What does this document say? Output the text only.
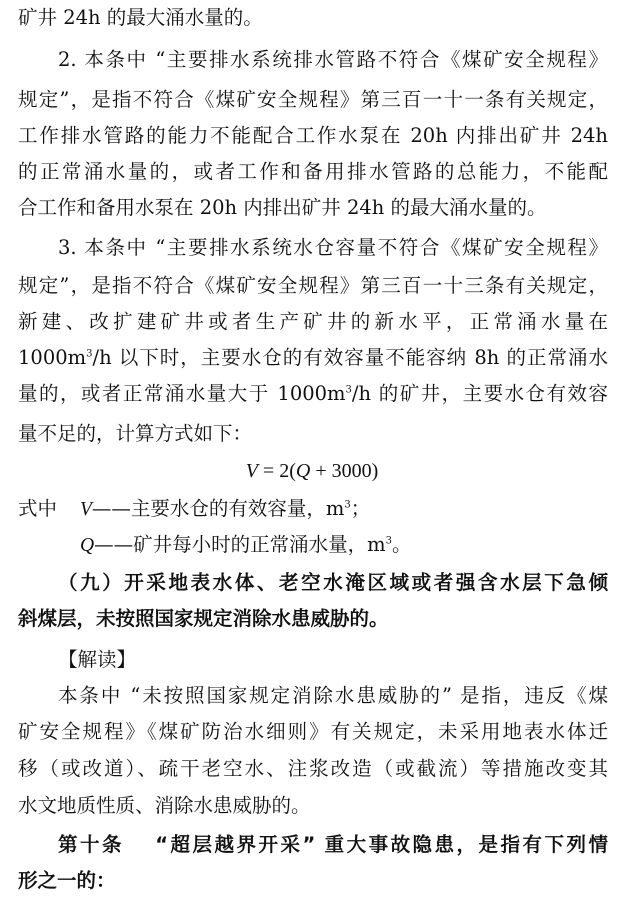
矿井 24h 的最大涌水量的。
2. 本条中 “主要排水系统排水管路不符合《煤矿安全规程》
规定”，是指不符合《煤矿安全规程》第三百一十一条有关规定，
工作排水管路的能力不能配合工作水泵在 20h 内排出矿井 24h
的正常涌水量的，或者工作和备用排水管路的总能力，不能配
合工作和备用水泵在 20h 内排出矿井 24h 的最大涌水量的。
3. 本条中 “主要排水系统水仓容量不符合《煤矿安全规程》
规定”，是指不符合《煤矿安全规程》第三百一十三条有关规定，
新建、改扩建矿井或者生产矿井的新水平，正常涌水量在
$1000m^3/h$ 以下时，主要水仓的有效容量不能容纳 8h 的正常涌水
量的，或者正常涌水量大于 $1000m^3/h$ 的矿井，主要水仓有效容
量不足的，计算方式如下：
V = 2(Q + 3000)
式中 V——主要水仓的有效容量，$m^3$；
Q——矿井每小时的正常涌水量，$m^3$。
（九）开采地表水体、老空水淹区域或者强含水层下急倾
斜煤层，未按照国家规定消除水患威胁的。
【解读】
本条中 “未按照国家规定消除水患威胁的” 是指，违反《煤
矿安全规程》《煤矿防治水细则》有关规定，未采用地表水体迁
移（或改道）、疏干老空水、注浆改造（或截流）等措施改变其
水文地质性质、消除水患威胁的。
第十条　 “超层越界开采” 重大事故隐患，是指有下列情
形之一的：
